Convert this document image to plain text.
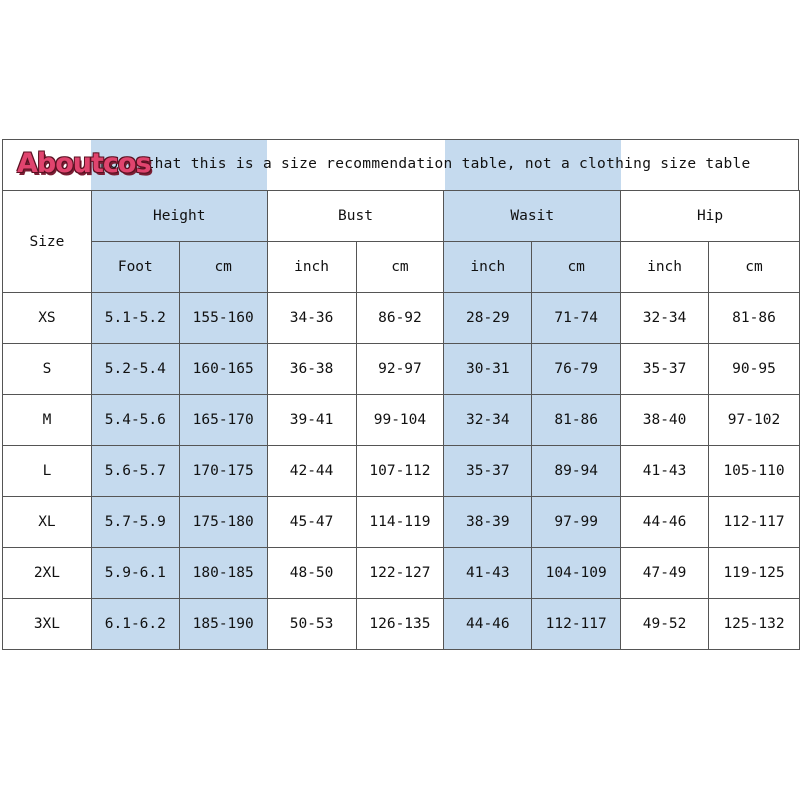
Note that this is a size recommendation table, not a clothing size table
Aboutcos
Size	Height		Bust		Wasit		Hip	
	Foot	cm	inch	cm	inch	cm	inch	cm
XS	5.1-5.2	155-160	34-36	86-92	28-29	71-74	32-34	81-86
S	5.2-5.4	160-165	36-38	92-97	30-31	76-79	35-37	90-95
M	5.4-5.6	165-170	39-41	99-104	32-34	81-86	38-40	97-102
L	5.6-5.7	170-175	42-44	107-112	35-37	89-94	41-43	105-110
XL	5.7-5.9	175-180	45-47	114-119	38-39	97-99	44-46	112-117
2XL	5.9-6.1	180-185	48-50	122-127	41-43	104-109	47-49	119-125
3XL	6.1-6.2	185-190	50-53	126-135	44-46	112-117	49-52	125-132
